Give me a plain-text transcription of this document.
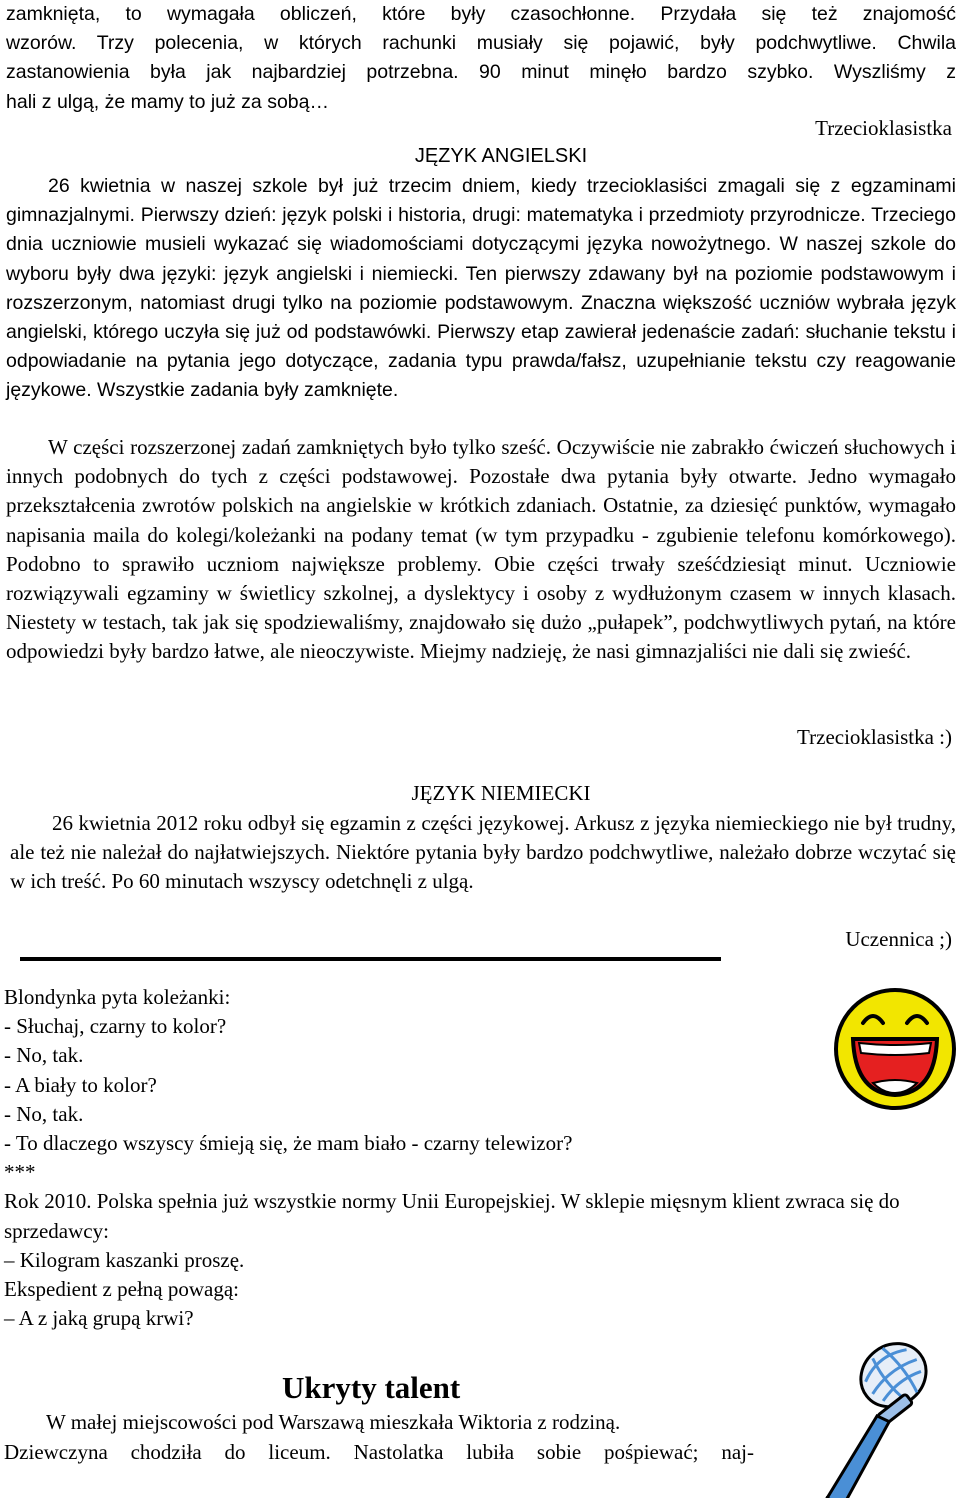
zamknięta, to wymagała obliczeń, które były czasochłonne. Przydała się też znajomość

wzorów. Trzy polecenia, w których rachunki musiały się pojawić, były podchwytliwe. Chwila

zastanowienia była jak najbardziej potrzebna. 90 minut minęło bardzo szybko. Wyszliśmy z

hali z ulgą, że mamy to już za sobą…

Trzecioklasistka
JĘZYK ANGIELSKI

26 kwietnia w naszej szkole był już trzecim dniem, kiedy trzecioklasiści zmagali się z egzaminami gimnazjalnymi. Pierwszy dzień: język polski i historia, drugi: matematyka i przedmioty przyrodnicze. Trzeciego dnia uczniowie musieli wykazać się wiadomościami dotyczącymi języka nowożytnego. W naszej szkole do wyboru były dwa języki: język angielski i niemiecki. Ten pierwszy zdawany był na poziomie podstawowym i rozszerzonym, natomiast drugi tylko na poziomie podstawowym. Znaczna większość uczniów wybrała język angielski, którego uczyła się już od podstawówki. Pierwszy etap zawierał jedenaście zadań: słuchanie tekstu i odpowiadanie na pytania jego dotyczące, zadania typu prawda/fałsz, uzupełnianie tekstu czy reagowanie językowe. Wszystkie zadania były zamknięte.

W części rozszerzonej zadań zamkniętych było tylko sześć. Oczywiście nie zabrakło ćwiczeń słuchowych i innych podobnych do tych z części podstawowej. Pozostałe dwa pytania były otwarte. Jedno wymagało przekształcenia zwrotów polskich na angielskie w krótkich zdaniach. Ostatnie, za dziesięć punktów, wymagało napisania maila do kolegi/koleżanki na podany temat (w tym przypadku - zgubienie telefonu komórkowego). Podobno to sprawiło uczniom największe problemy. Obie części trwały sześćdziesiąt minut. Uczniowie rozwiązywali egzaminy w świetlicy szkolnej, a dyslektycy i osoby z wydłużonym czasem w innych klasach. Niestety w testach, tak jak się spodziewaliśmy, znajdowało się dużo „pułapek”, podchwytliwych pytań, na które odpowiedzi były bardzo łatwe, ale nieoczywiste. Miejmy nadzieję, że nasi gimnazjaliści nie dali się zwieść.

Trzecioklasistka :)
JĘZYK NIEMIECKI

26 kwietnia 2012 roku odbył się egzamin z części językowej. Arkusz z języka niemieckiego nie był trudny, ale też nie należał do najłatwiejszych. Niektóre pytania były bardzo podchwytliwe, należało dobrze wczytać się w ich treść. Po 60 minutach wszyscy odetchnęli z ulgą.

Uczennica ;)

Blondynka pyta koleżanki:

- Słuchaj, czarny to kolor?

- No, tak.

- A biały to kolor?

- No, tak.

- To dlaczego wszyscy śmieją się, że mam biało - czarny telewizor?

***

Rok 2010. Polska spełnia już wszystkie normy Unii Europejskiej. W sklepie mięsnym klient zwraca się do sprzedawcy:

– Kilogram kaszanki proszę.

Ekspedient z pełną powagą:

– A z jaką grupą krwi?

Ukryty talent

W małej miejscowości pod Warszawą mieszkała Wiktoria z rodziną.

Dziewczyna chodziła do liceum. Nastolatka lubiła sobie pośpiewać; naj-
